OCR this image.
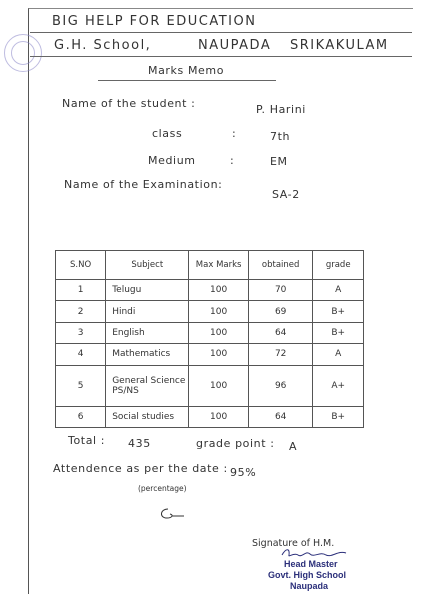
BIG HELP FOR EDUCATION
G.H. School,	NAUPADA SRIKAKULAM
Marks Memo
Name of the student :	P. Harini
class	:	7th
Medium	:	EM
Name of the Examination:
SA-2
S.NO	Subject	Max Marks	obtained	grade
1	Telugu	100	70	A
2	Hindi	100	69	B+
3	English	100	64	B+
4	Mathematics	100	72	A
5	General Science PS/NS	100	96	A+
6	Social studies	100	64	B+
Total : 435	grade point : A
Attendence as per the date : 95%
(percentage)
Signature of H.M.
Head Master
Govt. High School
Naupada
